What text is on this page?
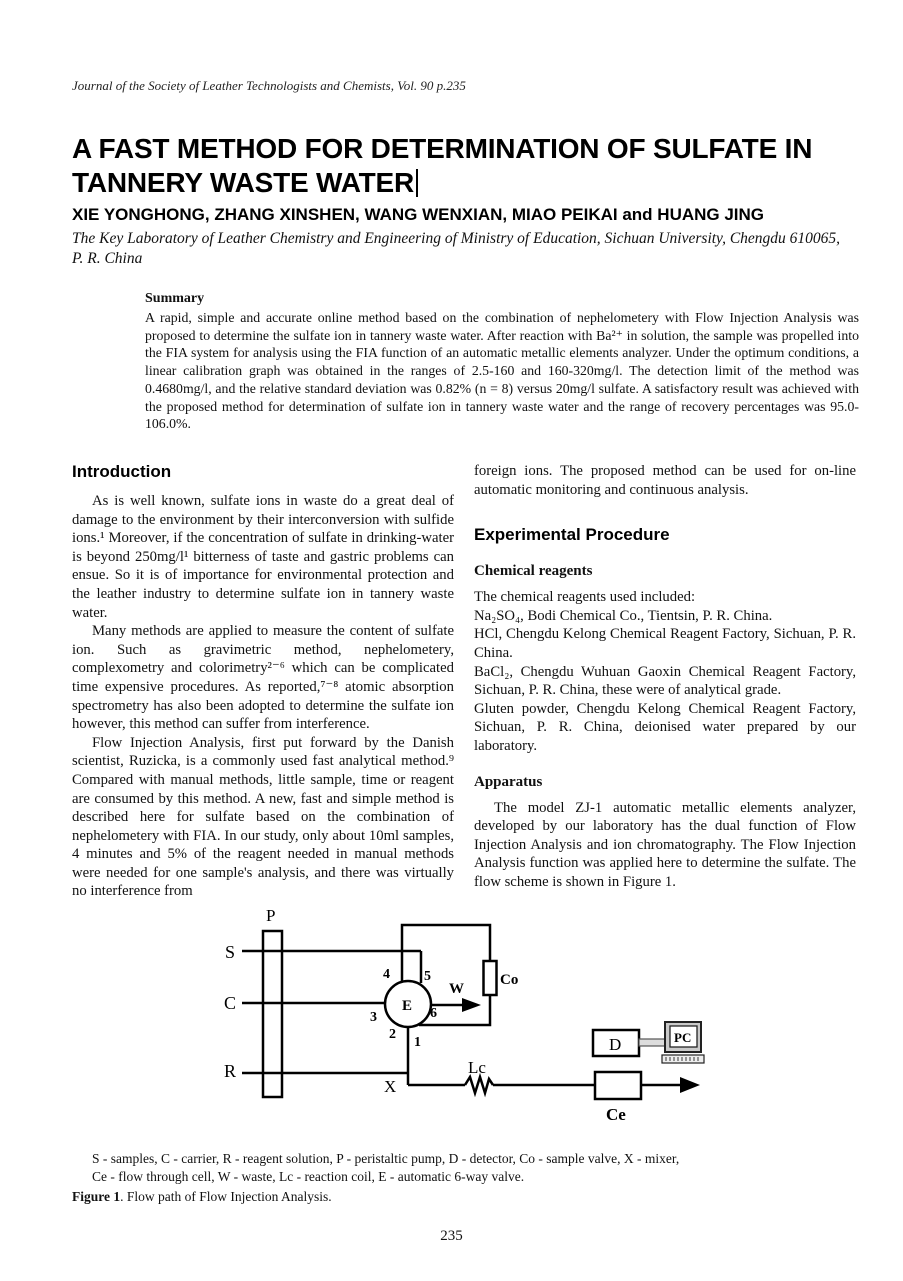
Journal of the Society of Leather Technologists and Chemists, Vol. 90 p.235
A FAST METHOD FOR DETERMINATION OF SULFATE IN
TANNERY WASTE WATER
XIE YONGHONG, ZHANG XINSHEN, WANG WENXIAN, MIAO PEIKAI and HUANG JING
The Key Laboratory of Leather Chemistry and Engineering of Ministry of Education, Sichuan University, Chengdu 610065, P. R. China
Summary

A rapid, simple and accurate online method based on the combination of nephelometery with Flow Injection Analysis was proposed to determine the sulfate ion in tannery waste water. After reaction with Ba²⁺ in solution, the sample was propelled into the FIA system for analysis using the FIA function of an automatic metallic elements analyzer. Under the optimum conditions, a linear calibration graph was obtained in the ranges of 2.5-160 and 160-320mg/l. The detection limit of the method was 0.4680mg/l, and the relative standard deviation was 0.82% (n = 8) versus 20mg/l sulfate. A satisfactory result was achieved with the proposed method for determination of sulfate ion in tannery waste water and the range of recovery percentages was 95.0-106.0%.

Introduction

As is well known, sulfate ions in waste do a great deal of damage to the environment by their interconversion with sulfide ions.¹ Moreover, if the concentration of sulfate in drinking-water is beyond 250mg/l¹ bitterness of taste and gastric problems can ensue. So it is of importance for environmental protection and the leather industry to determine sulfate ion in tannery waste water.

Many methods are applied to measure the content of sulfate ion. Such as gravimetric method, nephelometery, complexometry and colorimetry²⁻⁶ which can be complicated time expensive procedures. As reported,⁷⁻⁸ atomic absorption spectrometry has also been adopted to determine the sulfate ion however, this method can suffer from interference.

Flow Injection Analysis, first put forward by the Danish scientist, Ruzicka, is a commonly used fast analytical method.⁹ Compared with manual methods, little sample, time or reagent are consumed by this method. A new, fast and simple method is described here for sulfate based on the combination of nephelometery with FIA. In our study, only about 10ml samples, 4 minutes and 5% of the reagent needed in manual methods were needed for one sample's analysis, and there was virtually no interference from

foreign ions. The proposed method can be used for on-line automatic monitoring and continuous analysis.

Experimental Procedure
Chemical reagents

The chemical reagents used included:

Na₂SO₄, Bodi Chemical Co., Tientsin, P. R. China.

HCl, Chengdu Kelong Chemical Reagent Factory, Sichuan, P. R. China.

BaCl₂, Chengdu Wuhuan Gaoxin Chemical Reagent Factory, Sichuan, P. R. China, these were of analytical grade.

Gluten powder, Chengdu Kelong Chemical Reagent Factory, Sichuan, P. R. China, deionised water prepared by our laboratory.

Apparatus

The model ZJ-1 automatic metallic elements analyzer, developed by our laboratory has the dual function of Flow Injection Analysis and ion chromatography. The Flow Injection Analysis function was applied here to determine the sulfate. The flow scheme is shown in Figure 1.

P
S
C
R
Co
E
4 5
3
2
1
6
W
X
Lc
Ce
D	PC
S - samples, C - carrier, R - reagent solution, P - peristaltic pump, D - detector, Co - sample valve, X - mixer,
Ce - flow through cell, W - waste, Lc - reaction coil, E - automatic 6-way valve.
Figure 1. Flow path of Flow Injection Analysis.
235
